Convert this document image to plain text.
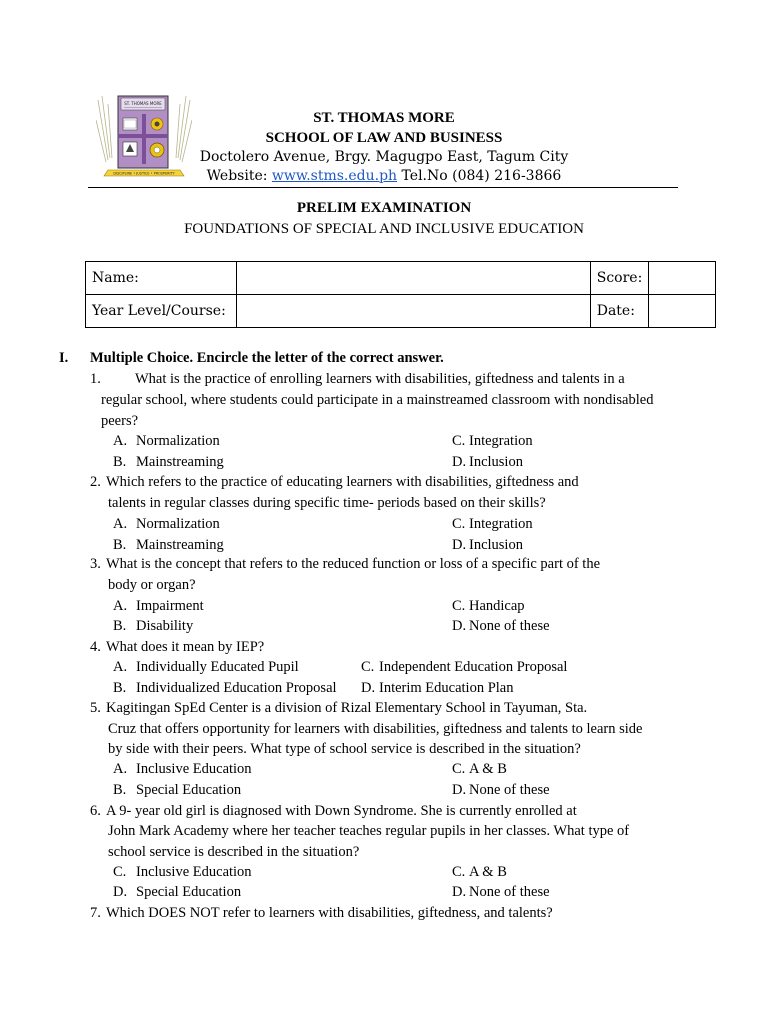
ST. THOMAS MORE
DISCIPLINE • JUSTICE • PROSPERITY
ST. THOMAS MORE
SCHOOL OF LAW AND BUSINESS
Doctolero Avenue, Brgy. Magugpo East, Tagum City
Website: www.stms.edu.ph Tel.No (084) 216-3866
PRELIM EXAMINATION
FOUNDATIONS OF SPECIAL AND INCLUSIVE EDUCATION
Name:		Score:	
Year Level/Course:		Date:	
I. Multiple Choice. Encircle the letter of the correct answer.
1. What is the practice of enrolling learners with disabilities, giftedness and talents in a
regular school, where students could participate in a mainstreamed classroom with nondisabled
peers?
A. Normalization	C. Integration
B. Mainstreaming	D. Inclusion
2. Which refers to the practice of educating learners with disabilities, giftedness and
talents in regular classes during specific time- periods based on their skills?
A. Normalization	C. Integration
B. Mainstreaming	D. Inclusion
3. What is the concept that refers to the reduced function or loss of a specific part of the
body or organ?
A. Impairment	C. Handicap
B. Disability	D. None of these
4. What does it mean by IEP?
A. Individually Educated Pupil	C. Independent Education Proposal
B. Individualized Education Proposal D. Interim Education Plan
5. Kagitingan SpEd Center is a division of Rizal Elementary School in Tayuman, Sta.
Cruz that offers opportunity for learners with disabilities, giftedness and talents to learn side
by side with their peers. What type of school service is described in the situation?
A. Inclusive Education	C. A & B
B. Special Education	D. None of these
6. A 9- year old girl is diagnosed with Down Syndrome. She is currently enrolled at
John Mark Academy where her teacher teaches regular pupils in her classes. What type of
school service is described in the situation?
C. Inclusive Education	C. A & B
D. Special Education	D. None of these
7. Which DOES NOT refer to learners with disabilities, giftedness, and talents?
